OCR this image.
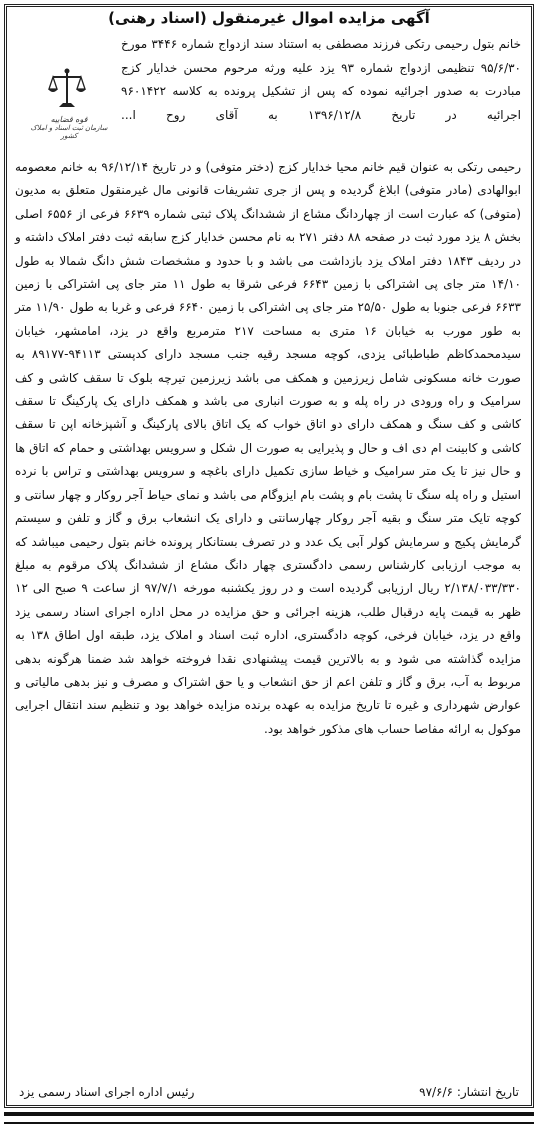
آگهی مزایده اموال غیرمنقول (اسناد رهنی)
قوه قضاییه
سازمان ثبت اسناد و املاک کشور
خانم بتول رحیمی رتکی فرزند مصطفی به استناد سند ازدواج شماره ۳۴۴۶ مورخ ۹۵/۶/۳۰ تنظیمی ازدواج شماره ۹۳ یزد علیه ورثه مرحوم محسن خدایار کزج مبادرت به صدور اجرائیه نموده که پس از تشکیل پرونده به کلاسه ۹۶۰۱۴۲۲ اجرائیه در تاریخ ۱۳۹۶/۱۲/۸ به آقای روح ا...
رحیمی رتکی به عنوان قیم خانم محیا خدایار کزج (دختر متوفی) و در تاریخ ۹۶/۱۲/۱۴ به خانم معصومه ابوالهادی (مادر متوفی) ابلاغ گردیده و پس از جری تشریفات قانونی مال غیرمنقول متعلق به مدیون (متوفی) که عبارت است از چهاردانگ مشاع از ششدانگ پلاک ثبتی شماره ۶۶۳۹ فرعی از ۶۵۵۶ اصلی بخش ۸ یزد مورد ثبت در صفحه ۸۸ دفتر ۲۷۱ به نام محسن خدایار کزج سابقه ثبت دفتر املاک داشته و در ردیف ۱۸۴۳ دفتر املاک یزد بازداشت می باشد و با حدود و مشخصات شش دانگ شمالا به طول ۱۴/۱۰ متر جای پی اشتراکی با زمین ۶۶۴۳ فرعی شرقا به طول ۱۱ متر جای پی اشتراکی با زمین ۶۶۳۳ فرعی جنوبا به طول ۲۵/۵۰ متر جای پی اشتراکی با زمین ۶۶۴۰ فرعی و غربا به طول ۱۱/۹۰ متر به طور مورب به خیابان ۱۶ متری به مساحت ۲۱۷ مترمربع واقع در یزد، امامشهر، خیابان سیدمحمدکاظم طباطبائی یزدی، کوچه مسجد رقیه جنب مسجد دارای کدپستی ۹۴۱۱۳-۸۹۱۷۷ به صورت خانه مسکونی شامل زیرزمین و همکف می باشد زیرزمین تیرچه بلوک تا سقف کاشی و کف سرامیک و راه ورودی در راه پله و به صورت انباری می باشد و همکف دارای یک پارکینگ تا سقف کاشی و کف سنگ و همکف دارای دو اتاق خواب که یک اتاق بالای پارکینگ و آشپزخانه اپن تا سقف کاشی و کابینت ام دی اف و حال و پذیرایی به صورت ال شکل و سرویس بهداشتی و حمام که اتاق ها و حال نیز تا یک متر سرامیک و خیاط سازی تکمیل دارای باغچه و سرویس بهداشتی و تراس با نرده استیل و راه پله سنگ تا پشت بام و پشت بام ایزوگام می باشد و نمای حیاط آجر روکار و چهار سانتی و کوچه تایک متر سنگ و بقیه آجر روکار چهارسانتی و دارای یک انشعاب برق و گاز و تلفن و سیستم گرمایش پکیج و سرمایش کولر آبی یک عدد و در تصرف بستانکار پرونده خانم بتول رحیمی میباشد که به موجب ارزیابی کارشناس رسمی دادگستری چهار دانگ مشاع از ششدانگ پلاک مرقوم به مبلغ ۲/۱۳۸/۰۳۳/۳۳۰ ریال ارزیابی گردیده است و در روز یکشنبه مورخه ۹۷/۷/۱ از ساعت ۹ صبح الی ۱۲ ظهر به قیمت پایه درقبال طلب، هزینه اجرائی و حق مزایده در محل اداره اجرای اسناد رسمی یزد واقع در یزد، خیابان فرخی، کوچه دادگستری، اداره ثبت اسناد و املاک یزد، طبقه اول اطاق ۱۳۸ به مزایده گذاشته می شود و به بالاترین قیمت پیشنهادی نقدا فروخته خواهد شد ضمنا هرگونه بدهی مربوط به آب، برق و گاز و تلفن اعم از حق انشعاب و یا حق اشتراک و مصرف و نیز بدهی مالیاتی و عوارض شهرداری و غیره تا تاریخ مزایده به عهده برنده مزایده خواهد بود و تنظیم سند انتقال اجرایی موکول به ارائه مفاصا حساب های مذکور خواهد بود.
تاریخ انتشار: ۹۷/۶/۶
رئیس اداره اجرای اسناد رسمی یزد
